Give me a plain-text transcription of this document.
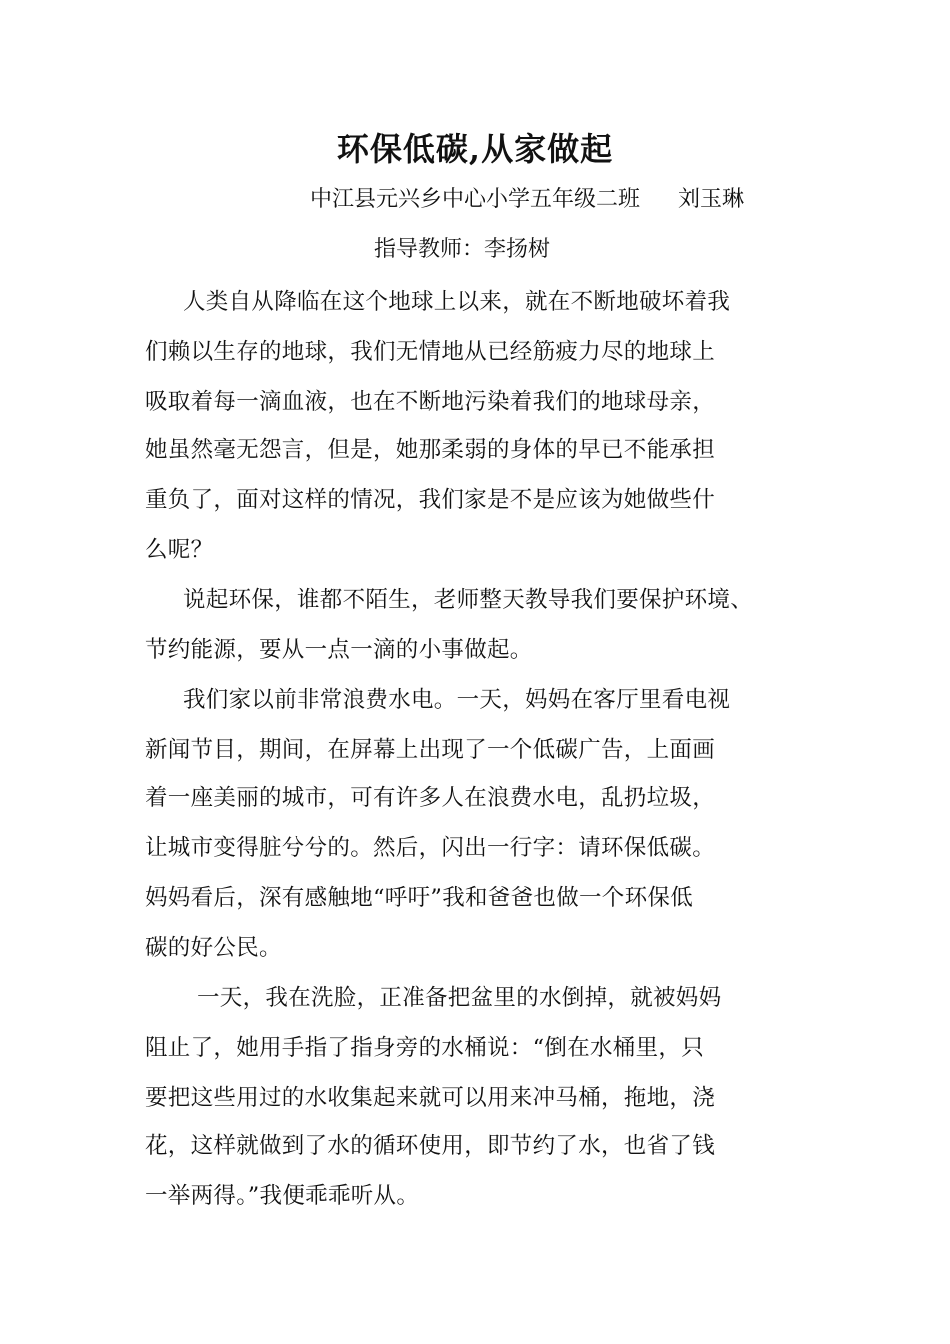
环保低碳,从家做起
中江县元兴乡中心小学五年级二班 刘玉琳
指导教师：李扬树
人类自从降临在这个地球上以来，就在不断地破坏着我
们赖以生存的地球，我们无情地从已经筋疲力尽的地球上
吸取着每一滴血液，也在不断地污染着我们的地球母亲，
她虽然毫无怨言，但是，她那柔弱的身体的早已不能承担
重负了，面对这样的情况，我们家是不是应该为她做些什
么呢？
说起环保，谁都不陌生，老师整天教导我们要保护环境、
节约能源，要从一点一滴的小事做起。
我们家以前非常浪费水电。一天，妈妈在客厅里看电视
新闻节目，期间，在屏幕上出现了一个低碳广告，上面画
着一座美丽的城市，可有许多人在浪费水电，乱扔垃圾，
让城市变得脏兮兮的。然后，闪出一行字：请环保低碳。
妈妈看后，深有感触地“呼吁”我和爸爸也做一个环保低
碳的好公民。
一天，我在洗脸，正准备把盆里的水倒掉，就被妈妈
阻止了，她用手指了指身旁的水桶说：“倒在水桶里，只
要把这些用过的水收集起来就可以用来冲马桶，拖地，浇
花，这样就做到了水的循环使用，即节约了水，也省了钱
一举两得。”我便乖乖听从。
